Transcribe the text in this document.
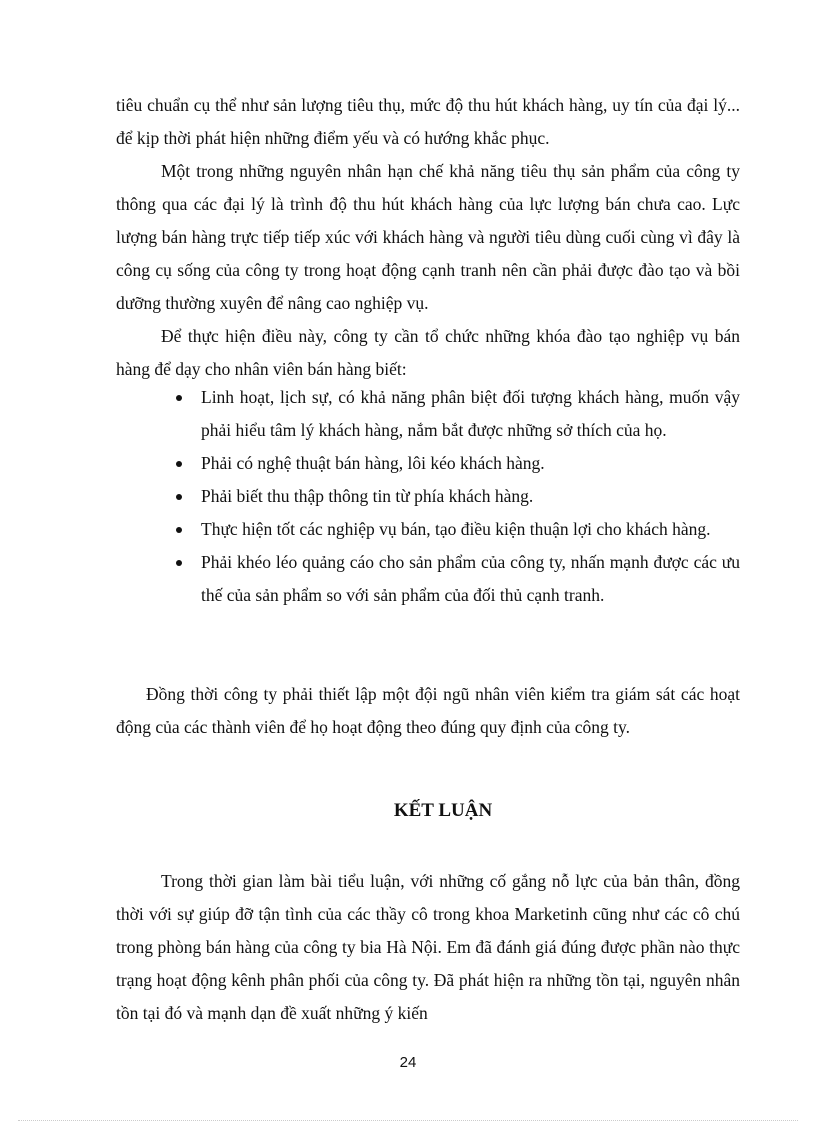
tiêu chuẩn cụ thể như sản lượng tiêu thụ, mức độ thu hút khách hàng, uy tín của đại lý... để kịp thời phát hiện những điểm yếu và có hướng khắc phục.

Một trong những nguyên nhân hạn chế khả năng tiêu thụ sản phẩm của công ty thông qua các đại lý là trình độ thu hút khách hàng của lực lượng bán chưa cao. Lực lượng bán hàng trực tiếp tiếp xúc với khách hàng và người tiêu dùng cuối cùng vì đây là công cụ sống của công ty trong hoạt động cạnh tranh nên cần phải được đào tạo và bồi dưỡng thường xuyên để nâng cao nghiệp vụ.

Để thực hiện điều này, công ty cần tổ chức những khóa đào tạo nghiệp vụ bán hàng để dạy cho nhân viên bán hàng biết:

Linh hoạt, lịch sự, có khả năng phân biệt đối tượng khách hàng, muốn vậy phải hiểu tâm lý khách hàng, nắm bắt được những sở thích của họ.
Phải có nghệ thuật bán hàng, lôi kéo khách hàng.
Phải biết thu thập thông tin từ phía khách hàng.
Thực hiện tốt các nghiệp vụ bán, tạo điều kiện thuận lợi cho khách hàng.
Phải khéo léo quảng cáo cho sản phẩm của công ty, nhấn mạnh được các ưu thế của sản phẩm so với sản phẩm của đối thủ cạnh tranh.

Đồng thời công ty phải thiết lập một đội ngũ nhân viên kiểm tra giám sát các hoạt động của các thành viên để họ hoạt động theo đúng quy định của công ty.

KẾT LUẬN

Trong thời gian làm bài tiểu luận, với những cố gắng nỗ lực của bản thân, đồng thời với sự giúp đỡ tận tình của các thầy cô trong khoa Marketinh cũng như các cô chú trong phòng bán hàng của công ty bia Hà Nội. Em đã đánh giá đúng được phần nào thực trạng hoạt động kênh phân phối của công ty. Đã phát hiện ra những tồn tại, nguyên nhân tồn tại đó và mạnh dạn đề xuất những ý kiến

24
